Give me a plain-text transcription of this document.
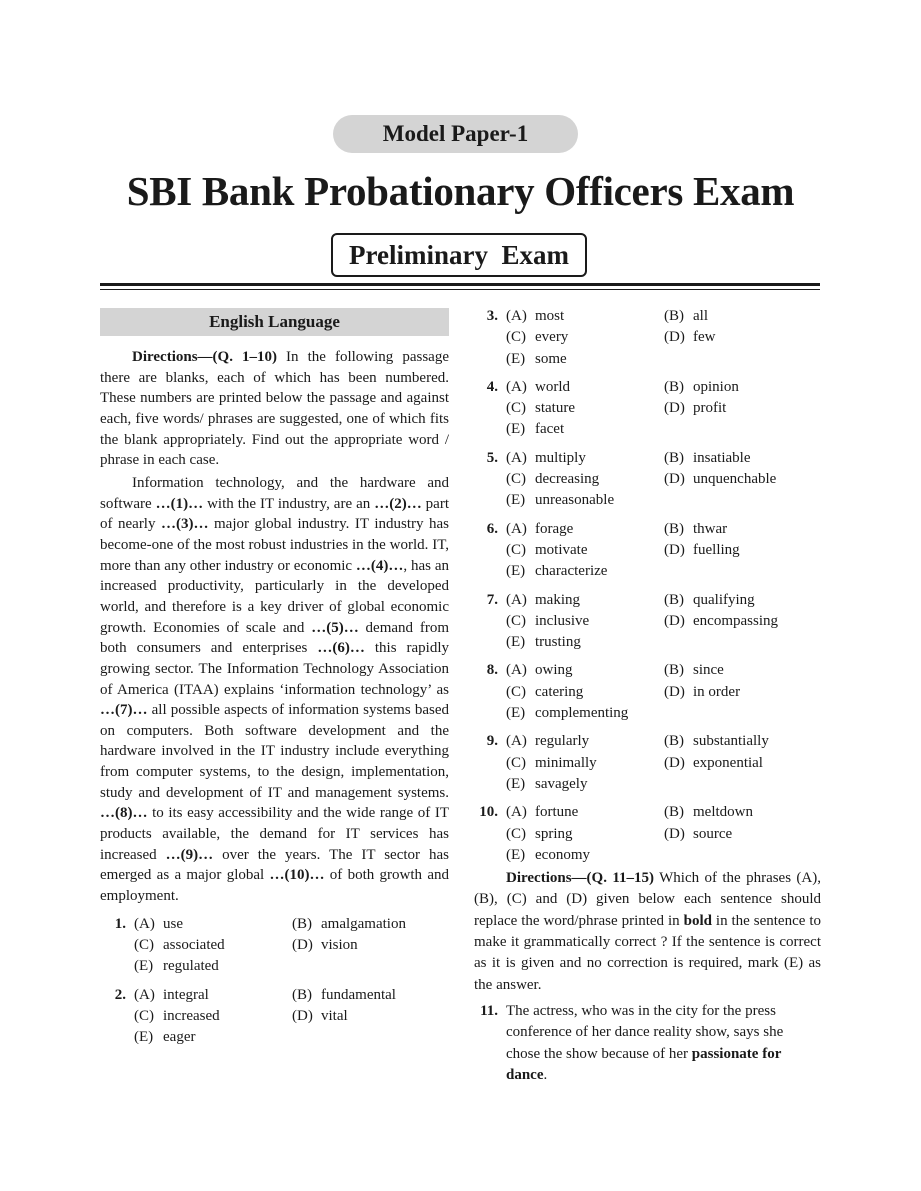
Model Paper-1
SBI Bank Probationary Officers Exam
Preliminary  Exam
English Language

Directions—(Q. 1–10) In the following passage there are blanks, each of which has been numbered. These numbers are printed below the passage and against each, five words/ phrases are suggested, one of which fits the blank appropriately. Find out the appropriate word / phrase in each case.

Information technology, and the hardware and software …(1)… with the IT industry, are an …(2)… part of nearly …(3)… major global industry. IT industry has become-one of the most robust industries in the world. IT, more than any other industry or economic …(4)…, has an increased productivity, particularly in the developed world, and therefore is a key driver of global economic growth. Economies of scale and …(5)… demand from both consumers and enterprises …(6)… this rapidly growing sector. The Information Technology Association of America (ITAA) explains ‘information technology’ as …(7)… all possible aspects of information systems based on computers. Both software development and the hardware involved in the IT industry include everything from computer systems, to the design, implementation, study and development of IT and management systems. …(8)… to its easy accessibility and the wide range of IT products available, the demand for IT services has increased …(9)… over the years. The IT sector has emerged as a major global …(10)… of both growth and employment.

1. (A) use	(B) amalgamation
(C) associated	(D) vision
(E) regulated
2. (A) integral	(B) fundamental
(C) increased	(D) vital
(E) eager
3. (A) most	(B) all
(C) every	(D) few
(E) some
4. (A) world	(B) opinion
(C) stature	(D) profit
(E) facet
5. (A) multiply	(B) insatiable
(C) decreasing	(D) unquenchable
(E) unreasonable
6. (A) forage	(B) thwar
(C) motivate	(D) fuelling
(E) characterize
7. (A) making	(B) qualifying
(C) inclusive	(D) encompassing
(E) trusting
8. (A) owing	(B) since
(C) catering	(D) in order
(E) complementing
9. (A) regularly	(B) substantially
(C) minimally	(D) exponential
(E) savagely
10. (A) fortune	(B) meltdown
(C) spring	(D) source
(E) economy

Directions—(Q. 11–15) Which of the phrases (A), (B), (C) and (D) given below each sentence should replace the word/phrase printed in bold in the sentence to make it grammatically correct ? If the sentence is correct as it is given and no correction is required, mark (E) as the answer.

11. The actress, who was in the city for the press conference of her dance reality show, says she chose the show because of her passionate for dance.
